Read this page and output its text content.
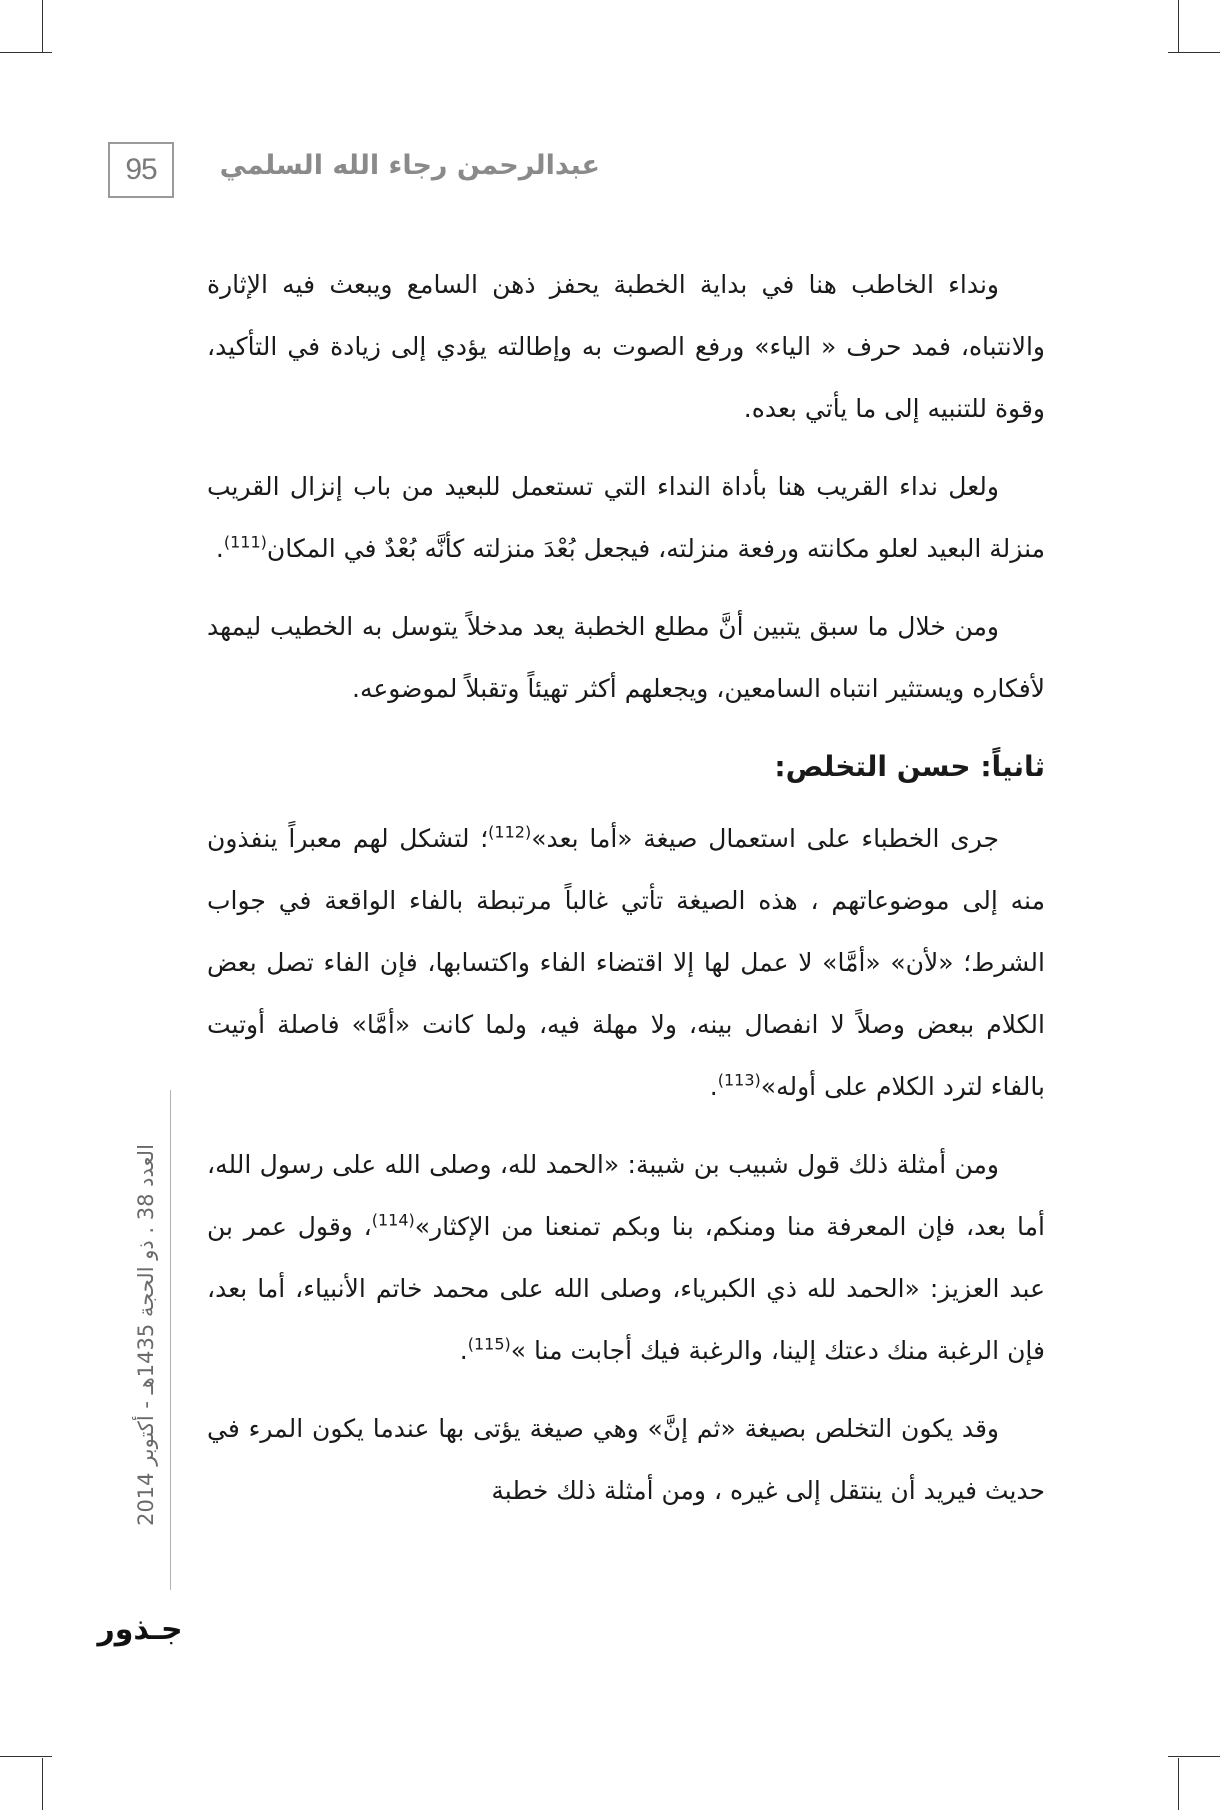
95	عبدالرحمن رجاء الله السلمي

ونداء الخاطب هنا في بداية الخطبة يحفز ذهن السامع ويبعث فيه الإثارة والانتباه، فمد حرف « الياء» ورفع الصوت به وإطالته يؤدي إلى زيادة في التأكيد، وقوة للتنبيه إلى ما يأتي بعده.

ولعل نداء القريب هنا بأداة النداء التي تستعمل للبعيد من باب إنزال القريب منزلة البعيد لعلو مكانته ورفعة منزلته، فيجعل بُعْدَ منزلته كأنَّه بُعْدٌ في المكان$^{(111)}$.

ومن خلال ما سبق يتبين أنَّ مطلع الخطبة يعد مدخلاً يتوسل به الخطيب ليمهد لأفكاره ويستثير انتباه السامعين، ويجعلهم أكثر تهيئاً وتقبلاً لموضوعه.

ثانياً: حسن التخلص:

جرى الخطباء على استعمال صيغة «أما بعد»$^{(112)}$؛ لتشكل لهم معبراً ينفذون منه إلى موضوعاتهم ، هذه الصيغة تأتي غالباً مرتبطة بالفاء الواقعة في جواب الشرط؛ «لأن» «أمَّا» لا عمل لها إلا اقتضاء الفاء واكتسابها، فإن الفاء تصل بعض الكلام ببعض وصلاً لا انفصال بينه، ولا مهلة فيه، ولما كانت «أمَّا» فاصلة أوتيت بالفاء لترد الكلام على أوله»$^{(113)}$.

ومن أمثلة ذلك قول شبيب بن شيبة: «الحمد لله، وصلى الله على رسول الله، أما بعد، فإن المعرفة منا ومنكم، بنا وبكم تمنعنا من الإكثار»$^{(114)}$، وقول عمر بن عبد العزيز: «الحمد لله ذي الكبرياء، وصلى الله على محمد خاتم الأنبياء، أما بعد، فإن الرغبة منك دعتك إلينا، والرغبة فيك أجابت منا »$^{(115)}$.

وقد يكون التخلص بصيغة «ثم إنَّ» وهي صيغة يؤتى بها عندما يكون المرء في حديث فيريد أن ينتقل إلى غيره ، ومن أمثلة ذلك خطبة

العدد 38 . ذو الحجة 1435هـ - أكتوبر 2014
جـذور
